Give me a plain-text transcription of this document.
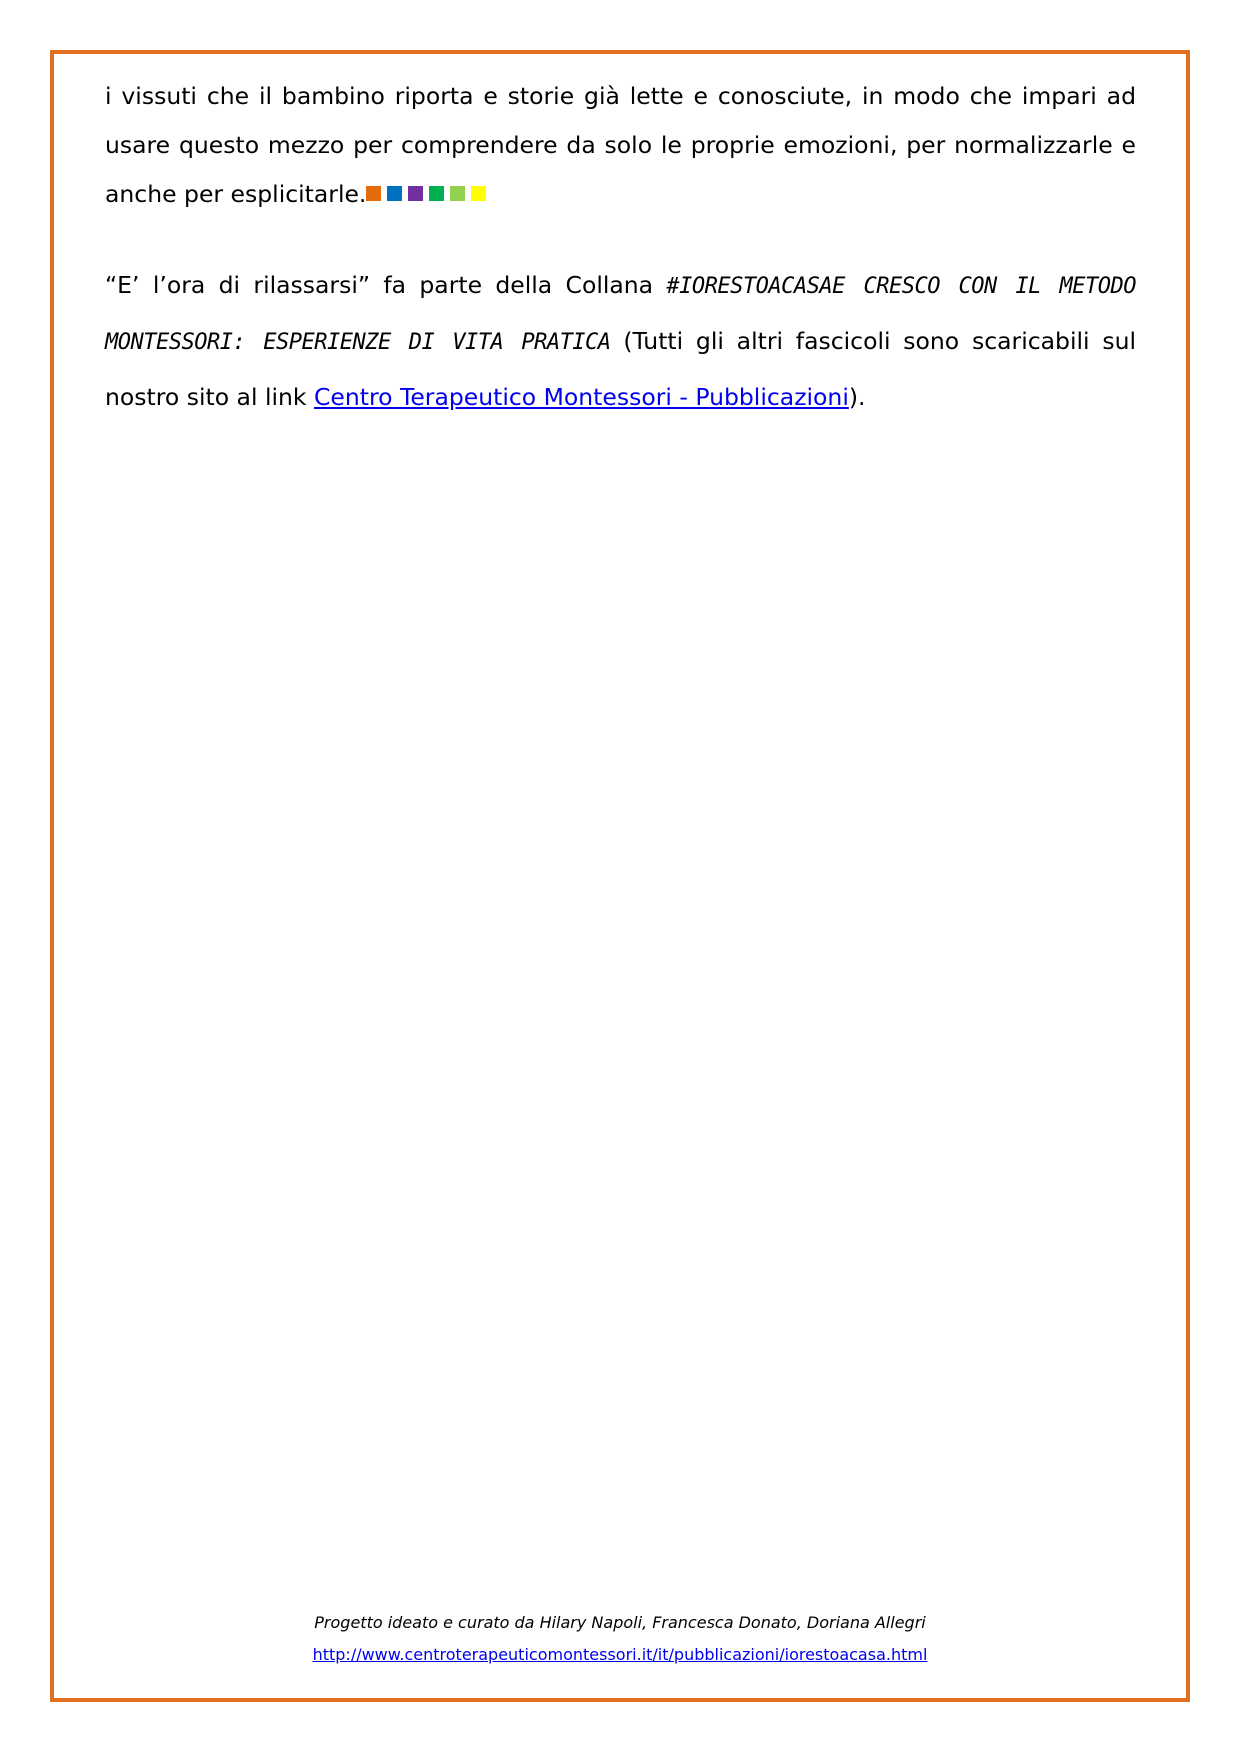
i vissuti che il bambino riporta e storie già lette e conosciute, in modo che impari ad usare questo mezzo per comprendere da solo le proprie emozioni, per normalizzarle e anche per esplicitarle.
“E’ l’ora di rilassarsi” fa parte della Collana #IORESTOACASAE CRESCO CON IL METODO MONTESSORI: ESPERIENZE DI VITA PRATICA (Tutti gli altri fascicoli sono scaricabili sul nostro sito al link Centro Terapeutico Montessori - Pubblicazioni).
Progetto ideato e curato da Hilary Napoli, Francesca Donato, Doriana Allegri
http://www.centroterapeuticomontessori.it/it/pubblicazioni/iorestoacasa.html
